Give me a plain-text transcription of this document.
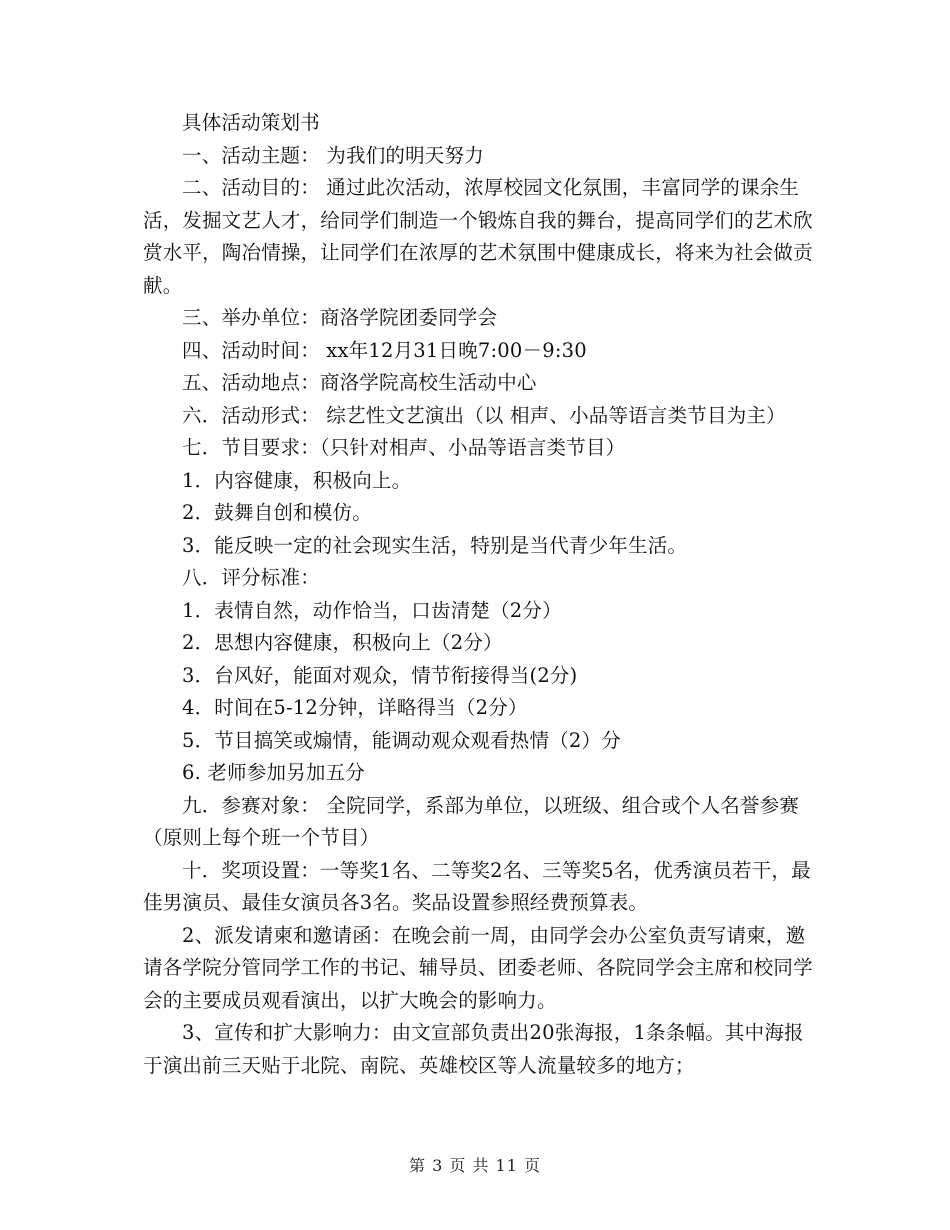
具体活动策划书

一、活动主题： 为我们的明天努力

二、活动目的： 通过此次活动，浓厚校园文化氛围，丰富同学的课余生活，发掘文艺人才，给同学们制造一个锻炼自我的舞台，提高同学们的艺术欣赏水平，陶冶情操，让同学们在浓厚的艺术氛围中健康成长，将来为社会做贡献。

三、举办单位：商洛学院团委同学会

四、活动时间： xx年12月31日晚7:00－9:30

五、活动地点：商洛学院高校生活动中心

六．活动形式： 综艺性文艺演出（以 相声、小品等语言类节目为主）

七．节目要求：（只针对相声、小品等语言类节目）

1．内容健康，积极向上。

2．鼓舞自创和模仿。

3．能反映一定的社会现实生活，特别是当代青少年生活。

八．评分标准：

1．表情自然，动作恰当，口齿清楚（2分）

2．思想内容健康，积极向上（2分）

3．台风好，能面对观众，情节衔接得当(2分)

4．时间在5-12分钟，详略得当（2分）

5．节目搞笑或煽情，能调动观众观看热情（2）分

6. 老师参加另加五分

九．参赛对象： 全院同学，系部为单位，以班级、组合或个人名誉参赛（原则上每个班一个节目）

十．奖项设置：一等奖1名、二等奖2名、三等奖5名，优秀演员若干，最佳男演员、最佳女演员各3名。奖品设置参照经费预算表。

2、派发请柬和邀请函：在晚会前一周，由同学会办公室负责写请柬，邀请各学院分管同学工作的书记、辅导员、团委老师、各院同学会主席和校同学会的主要成员观看演出，以扩大晚会的影响力。

3、宣传和扩大影响力：由文宣部负责出20张海报，1条条幅。其中海报于演出前三天贴于北院、南院、英雄校区等人流量较多的地方；

第 3 页 共 11 页
